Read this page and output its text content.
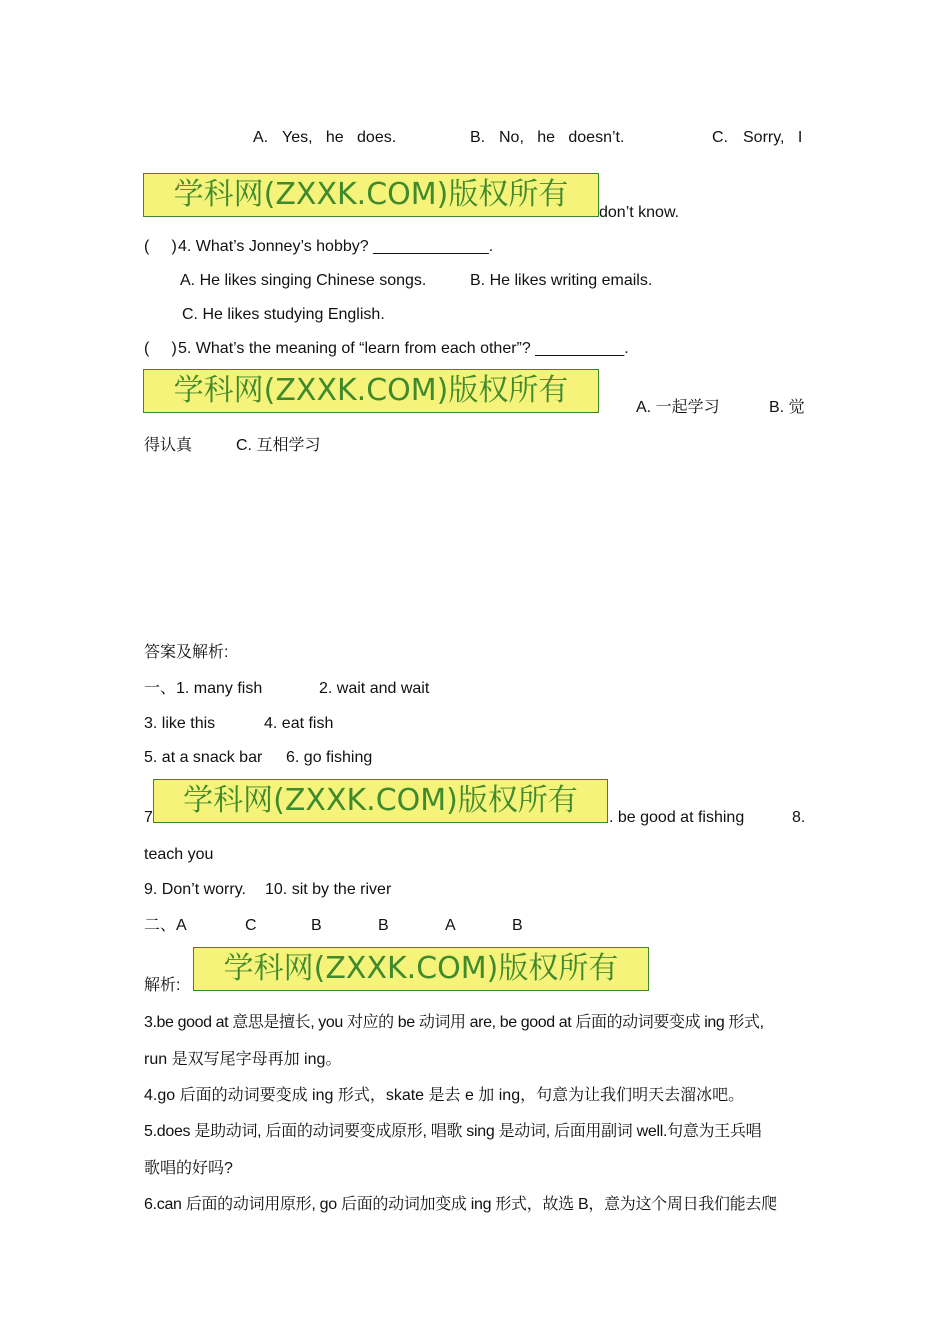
A. Yes,   he   does.	B. No,   he   doesn’t.	C. Sorry,   I
学科网(ZXXK.COM)版权所有
don’t know.
(     ) 4. What’s Jonney’s hobby? _____________.
A. He likes singing Chinese songs.	B. He likes writing emails.
C. He likes studying English.
(     ) 5. What’s the meaning of “learn from each other”? __________.
学科网(ZXXK.COM)版权所有	A. 一起学习	B. 觉
得认真	C. 互相学习
答案及解析:
一、1. many fish	2. wait and wait
3. like this	4. eat fish
5. at a snack bar 6. go fishing
7	学科网(ZXXK.COM)版权所有	. be good at fishing	8.
teach you
9. Don’t worry. 10. sit by the river
二、A	C	B	B	A	B
解析:	学科网(ZXXK.COM)版权所有
3.be good at 意思是擅长, you 对应的 be 动词用 are, be good at 后面的动词要变成 ing 形式,
run 是双写尾字母再加 ing。
4.go 后面的动词要变成 ing 形式，skate 是去 e 加 ing，句意为让我们明天去溜冰吧。
5.does 是助动词, 后面的动词要变成原形, 唱歌 sing 是动词, 后面用副词 well.句意为王兵唱
歌唱的好吗?
6.can 后面的动词用原形, go 后面的动词加变成 ing 形式，故选 B，意为这个周日我们能去爬
